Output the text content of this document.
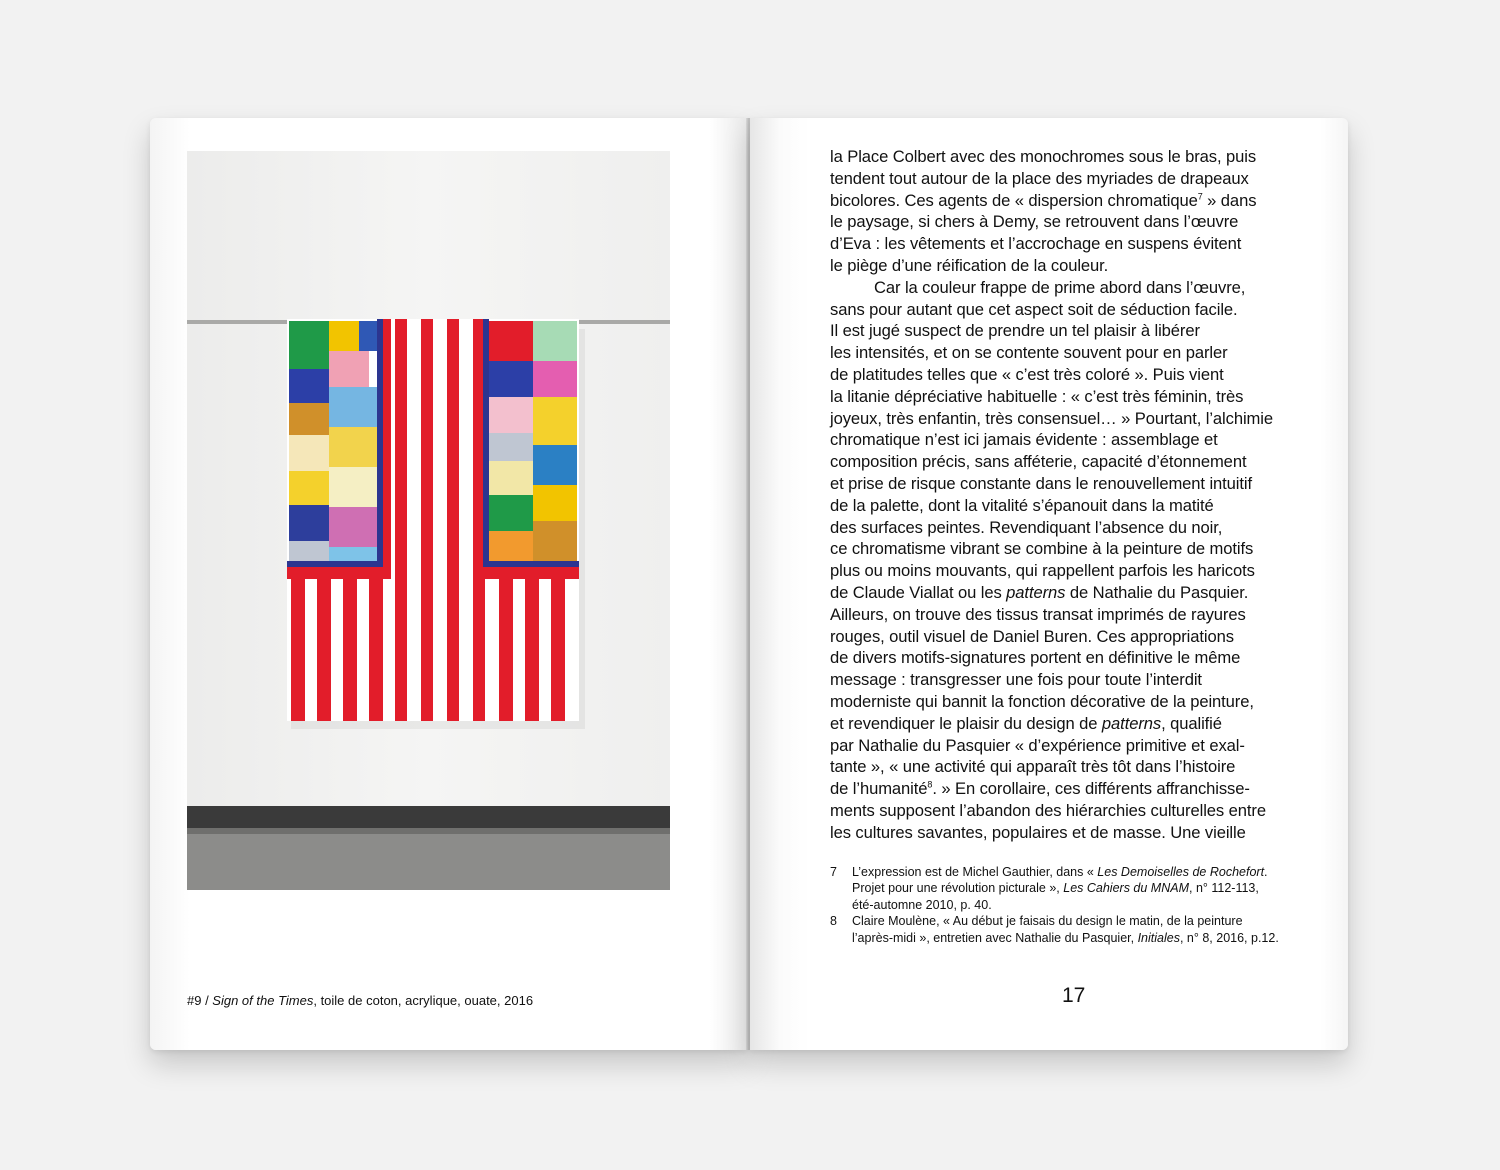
#9 / Sign of the Times, toile de coton, acrylique, ouate, 2016
la Place Colbert avec des monochromes sous le bras, puis
tendent tout autour de la place des myriades de drapeaux
bicolores. Ces agents de « dispersion chromatique$^7$ » dans
le paysage, si chers à Demy, se retrouvent dans l’œuvre
d’Eva : les vêtements et l’accrochage en suspens évitent
le piège d’une réification de la couleur.
Car la couleur frappe de prime abord dans l’œuvre,
sans pour autant que cet aspect soit de séduction facile.
Il est jugé suspect de prendre un tel plaisir à libérer
les intensités, et on se contente souvent pour en parler
de platitudes telles que « c’est très coloré ». Puis vient
la litanie dépréciative habituelle : « c’est très féminin, très
joyeux, très enfantin, très consensuel… » Pourtant, l’alchimie
chromatique n’est ici jamais évidente : assemblage et
composition précis, sans afféterie, capacité d’étonnement
et prise de risque constante dans le renouvellement intuitif
de la palette, dont la vitalité s’épanouit dans la matité
des surfaces peintes. Revendiquant l’absence du noir,
ce chromatisme vibrant se combine à la peinture de motifs
plus ou moins mouvants, qui rappellent parfois les haricots
de Claude Viallat ou les patterns de Nathalie du Pasquier.
Ailleurs, on trouve des tissus transat imprimés de rayures
rouges, outil visuel de Daniel Buren. Ces appropriations
de divers motifs-signatures portent en définitive le même
message : transgresser une fois pour toute l’interdit
moderniste qui bannit la fonction décorative de la peinture,
et revendiquer le plaisir du design de patterns, qualifié
par Nathalie du Pasquier « d’expérience primitive et exal-
tante », « une activité qui apparaît très tôt dans l’histoire
de l’humanité$^8$. » En corollaire, ces différents affranchisse-
ments supposent l’abandon des hiérarchies culturelles entre
les cultures savantes, populaires et de masse. Une vieille
7 L’expression est de Michel Gauthier, dans « Les Demoiselles de Rochefort.
Projet pour une révolution picturale », Les Cahiers du MNAM, n° 112-113,
été-automne 2010, p. 40.
8 Claire Moulène, « Au début je faisais du design le matin, de la peinture
l’après-midi », entretien avec Nathalie du Pasquier, Initiales, n° 8, 2016, p.12.
17
